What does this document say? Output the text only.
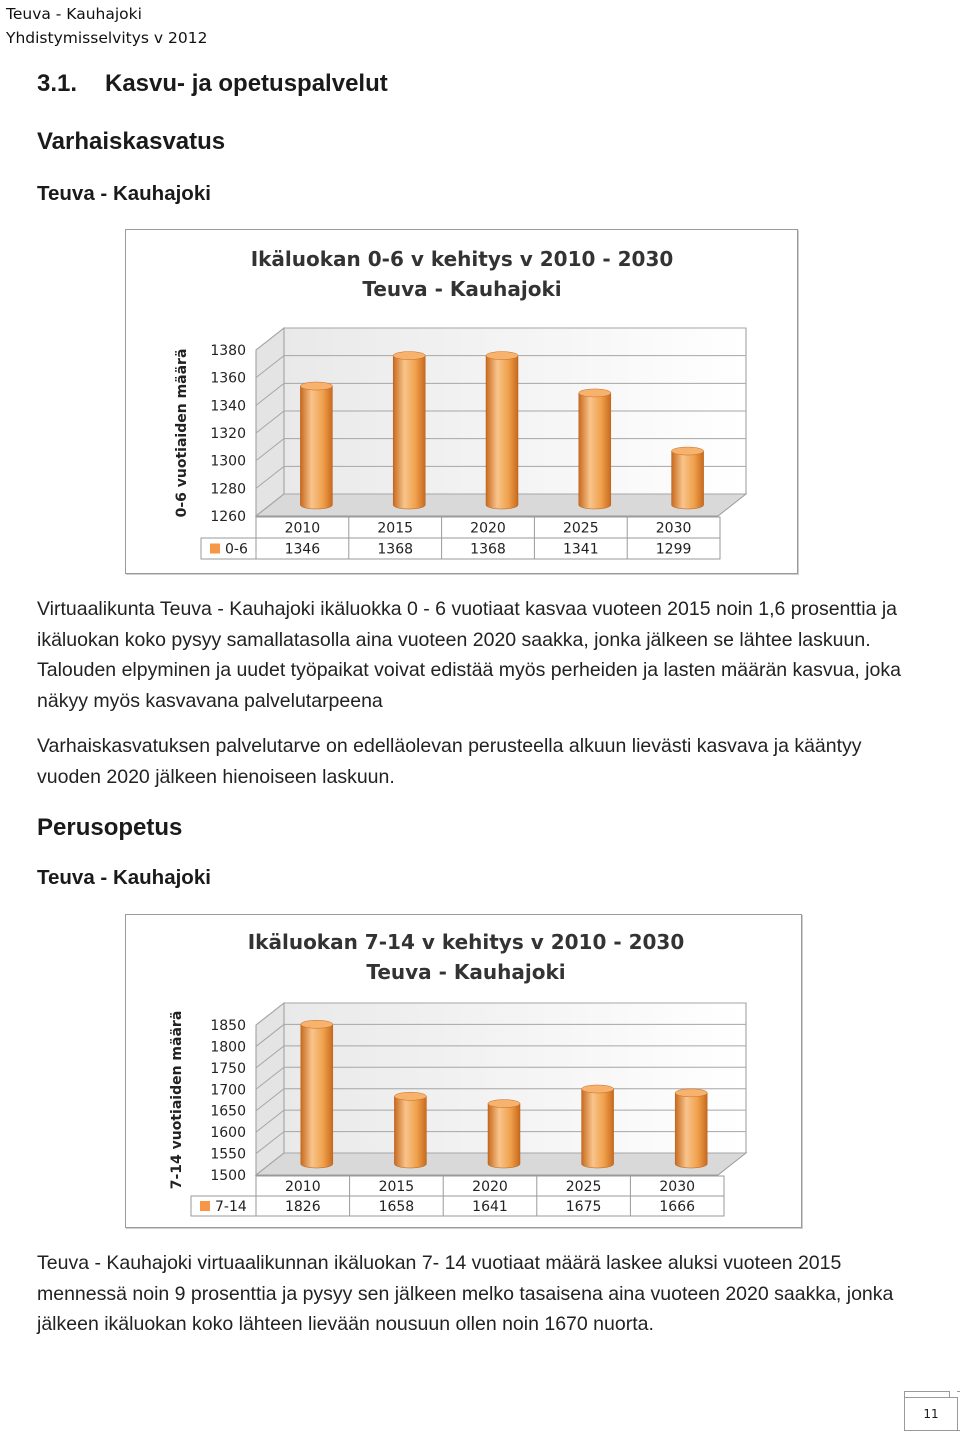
Teuva - Kauhajoki
Yhdistymisselvitys v 2012
3.1. Kasvu- ja opetuspalvelut
Varhaiskasvatus
Teuva - Kauhajoki
Ikäluokan 0-6 v kehitys v 2010 - 2030
Teuva - Kauhajoki
1260
1280
1300
1320
1340
1360
1380
0-6 vuotiaiden määrä
0-6
2010
1346
2015
1368
2020
1368
2025
1341
2030
1299
Virtuaalikunta Teuva - Kauhajoki ikäluokka 0 - 6 vuotiaat kasvaa vuoteen 2015 noin 1,6 prosenttia ja ikäluokan koko pysyy samallatasolla aina vuoteen 2020 saakka, jonka jälkeen se lähtee laskuun. Talouden elpyminen ja uudet työpaikat voivat edistää myös perheiden ja lasten määrän kasvua, joka näkyy myös kasvavana palvelutarpeena
Varhaiskasvatuksen palvelutarve on edelläolevan perusteella alkuun lievästi kasvava ja kääntyy vuoden 2020 jälkeen hienoiseen laskuun.
Perusopetus
Teuva - Kauhajoki
Ikäluokan 7-14 v kehitys v 2010 - 2030
Teuva - Kauhajoki
1500
1550
1600
1650
1700
1750
1800
1850
7-14 vuotiaiden määrä
7-14
2010
1826
2015
1658
2020
1641
2025
1675
2030
1666
Teuva - Kauhajoki virtuaalikunnan ikäluokan 7- 14 vuotiaat määrä laskee aluksi vuoteen 2015 mennessä noin 9 prosenttia ja pysyy sen jälkeen melko tasaisena aina vuoteen 2020 saakka, jonka jälkeen ikäluokan koko lähteen lievään nousuun ollen noin 1670 nuorta.
11
